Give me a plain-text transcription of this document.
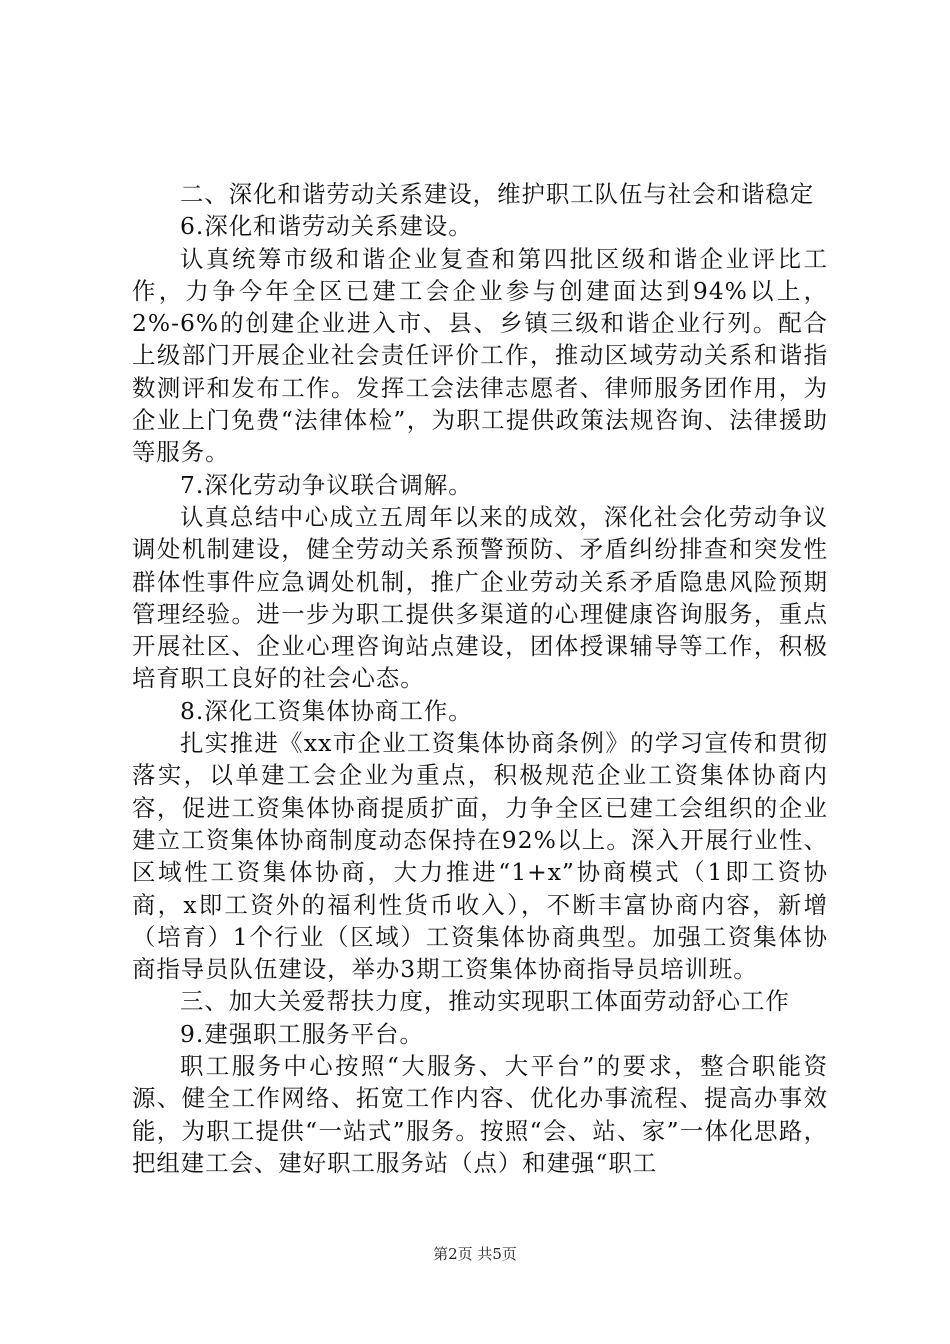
二、深化和谐劳动关系建设，维护职工队伍与社会和谐稳定

6.深化和谐劳动关系建设。

认真统筹市级和谐企业复查和第四批区级和谐企业评比工作，力争今年全区已建工会企业参与创建面达到94%以上，2%-6%的创建企业进入市、县、乡镇三级和谐企业行列。配合上级部门开展企业社会责任评价工作，推动区域劳动关系和谐指数测评和发布工作。发挥工会法律志愿者、律师服务团作用，为企业上门免费“法律体检”，为职工提供政策法规咨询、法律援助等服务。

7.深化劳动争议联合调解。

认真总结中心成立五周年以来的成效，深化社会化劳动争议调处机制建设，健全劳动关系预警预防、矛盾纠纷排查和突发性群体性事件应急调处机制，推广企业劳动关系矛盾隐患风险预期管理经验。进一步为职工提供多渠道的心理健康咨询服务，重点开展社区、企业心理咨询站点建设，团体授课辅导等工作，积极培育职工良好的社会心态。

8.深化工资集体协商工作。

扎实推进《xx市企业工资集体协商条例》的学习宣传和贯彻落实，以单建工会企业为重点，积极规范企业工资集体协商内容，促进工资集体协商提质扩面，力争全区已建工会组织的企业建立工资集体协商制度动态保持在92%以上。深入开展行业性、区域性工资集体协商，大力推进“1+x”协商模式（1即工资协商，x即工资外的福利性货币收入），不断丰富协商内容，新增（培育）1个行业（区域）工资集体协商典型。加强工资集体协商指导员队伍建设，举办3期工资集体协商指导员培训班。

三、加大关爱帮扶力度，推动实现职工体面劳动舒心工作

9.建强职工服务平台。

职工服务中心按照“大服务、大平台”的要求，整合职能资源、健全工作网络、拓宽工作内容、优化办事流程、提高办事效能，为职工提供“一站式”服务。按照“会、站、家”一体化思路，把组建工会、建好职工服务站（点）和建强“职工

第2页 共5页
